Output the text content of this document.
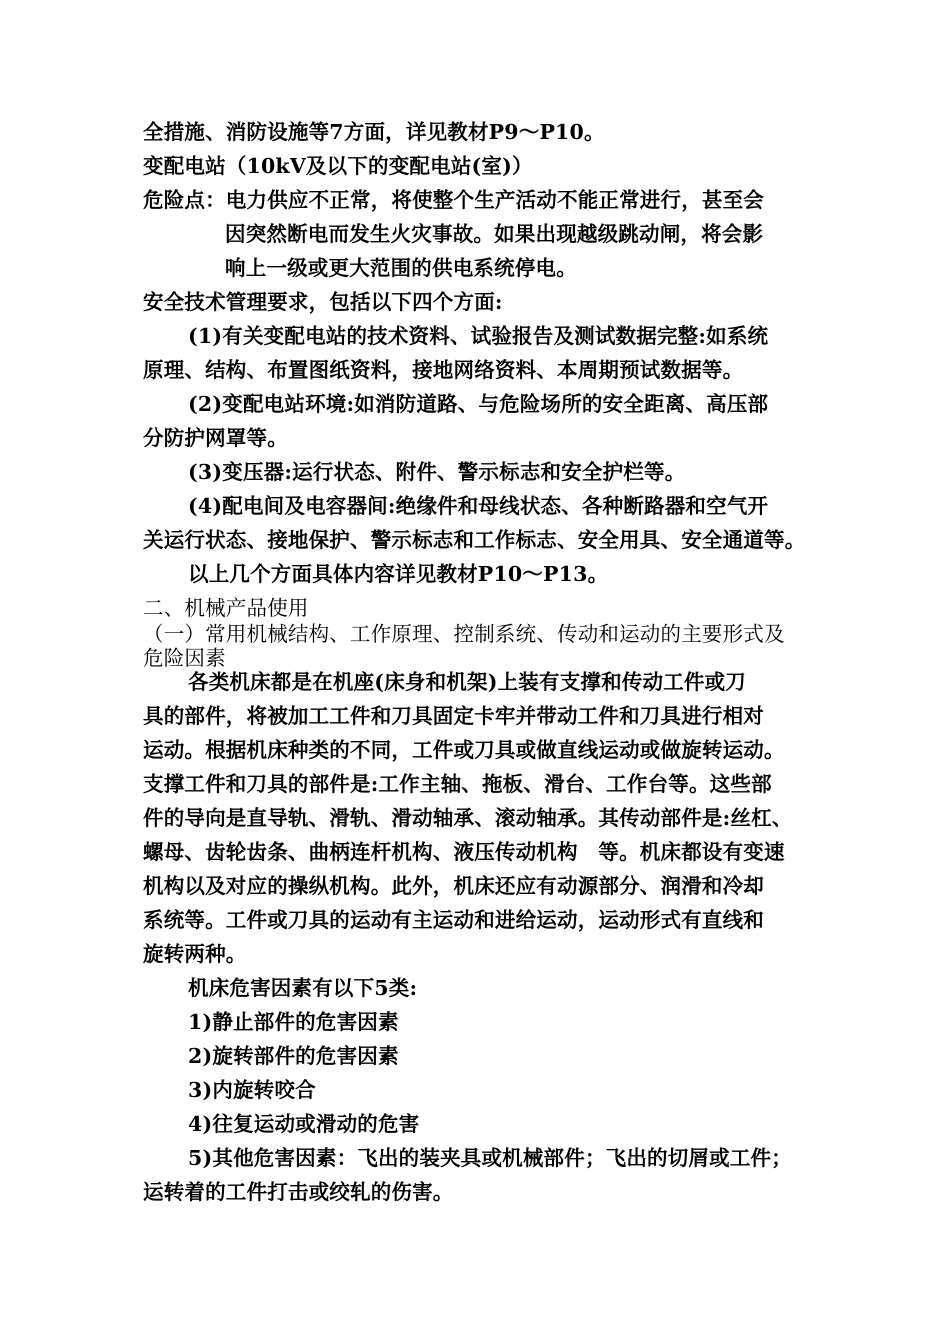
全措施、消防设施等7方面，详见教材P9～P10。
变配电站（10kV及以下的变配电站(室)）
危险点：电力供应不正常，将使整个生产活动不能正常进行，甚至会
因突然断电而发生火灾事故。如果出现越级跳动闸，将会影
响上一级或更大范围的供电系统停电。
安全技术管理要求，包括以下四个方面:
(1)有关变配电站的技术资料、试验报告及测试数据完整:如系统
原理、结构、布置图纸资料，接地网络资料、本周期预试数据等。
(2)变配电站环境:如消防道路、与危险场所的安全距离、高压部
分防护网罩等。
(3)变压器:运行状态、附件、警示标志和安全护栏等。
(4)配电间及电容器间:绝缘件和母线状态、各种断路器和空气开
关运行状态、接地保护、警示标志和工作标志、安全用具、安全通道等。
以上几个方面具体内容详见教材P10～P13。
二、机械产品使用
（一）常用机械结构、工作原理、控制系统、传动和运动的主要形式及
危险因素
各类机床都是在机座(床身和机架)上装有支撑和传动工件或刀
具的部件，将被加工工件和刀具固定卡牢并带动工件和刀具进行相对
运动。根据机床种类的不同，工件或刀具或做直线运动或做旋转运动。
支撑工件和刀具的部件是:工作主轴、拖板、滑台、工作台等。这些部
件的导向是直导轨、滑轨、滑动轴承、滚动轴承。其传动部件是:丝杠、
螺母、齿轮齿条、曲柄连杆机构、液压传动机构　等。机床都设有变速
机构以及对应的操纵机构。此外，机床还应有动源部分、润滑和冷却
系统等。工件或刀具的运动有主运动和进给运动，运动形式有直线和
旋转两种。
机床危害因素有以下5类:
1)静止部件的危害因素
2)旋转部件的危害因素
3)内旋转咬合
4)往复运动或滑动的危害
5)其他危害因素：飞出的装夹具或机械部件；飞出的切屑或工件；
运转着的工件打击或绞轧的伤害。
